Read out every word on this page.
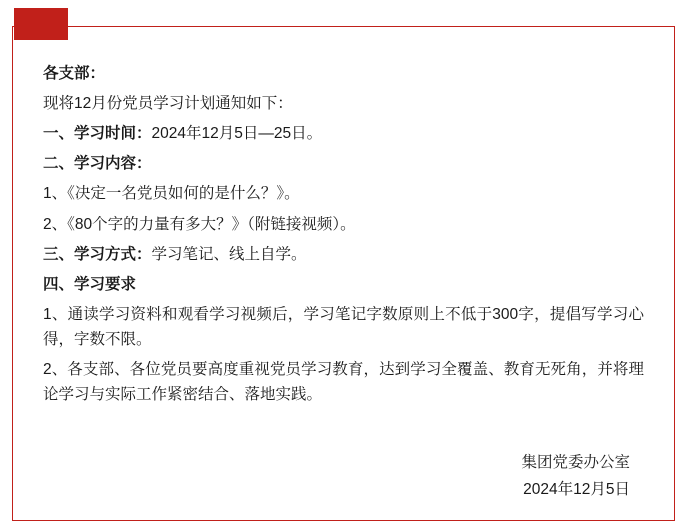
各支部：

现将12月份党员学习计划通知如下：

一、学习时间：2024年12月5日—25日。

二、学习内容：

1、《决定一名党员如何的是什么？》。

2、《80个字的力量有多大？》（附链接视频）。

三、学习方式：学习笔记、线上自学。

四、学习要求

1、通读学习资料和观看学习视频后，学习笔记字数原则上不低于300字，提倡写学习心得，字数不限。

2、各支部、各位党员要高度重视党员学习教育，达到学习全覆盖、教育无死角，并将理论学习与实际工作紧密结合、落地实践。

集团党委办公室
2024年12月5日
